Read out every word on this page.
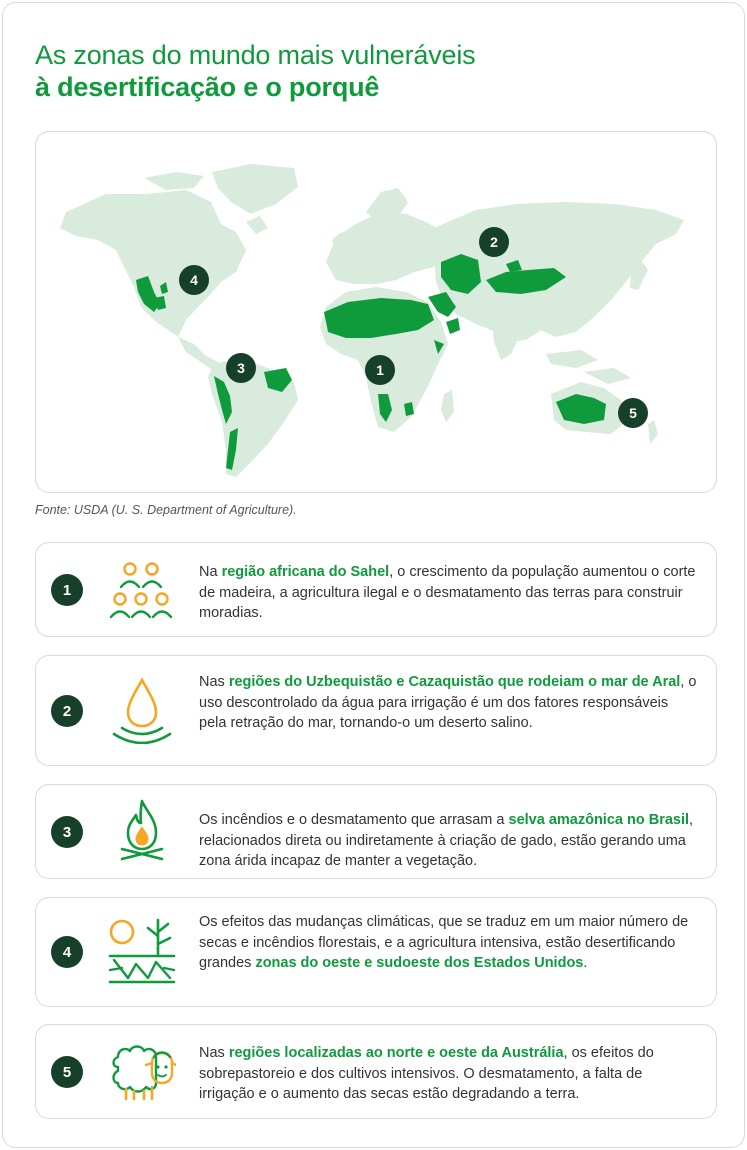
As zonas do mundo mais vulneráveis
à desertificação e o porquê
1
2
3
4
5
Fonte: USDA (U. S. Department of Agriculture).
1
Na região africana do Sahel, o crescimento da população aumentou o corte de madeira, a agricultura ilegal e o desmatamento das terras para construir moradias.
2
Nas regiões do Uzbequistão e Cazaquistão que rodeiam o mar de Aral, o uso descontrolado da água para irrigação é um dos fatores responsáveis pela retração do mar, tornando-o um deserto salino.
3
Os incêndios e o desmatamento que arrasam a selva amazônica no Brasil, relacionados direta ou indiretamente à criação de gado, estão gerando uma zona árida incapaz de manter a vegetação.
4
Os efeitos das mudanças climáticas, que se traduz em um maior número de secas e incêndios florestais, e a agricultura intensiva, estão desertificando grandes zonas do oeste e sudoeste dos Estados Unidos.
5
Nas regiões localizadas ao norte e oeste da Austrália, os efeitos do sobrepastoreio e dos cultivos intensivos. O desmatamento, a falta de irrigação e o aumento das secas estão degradando a terra.
